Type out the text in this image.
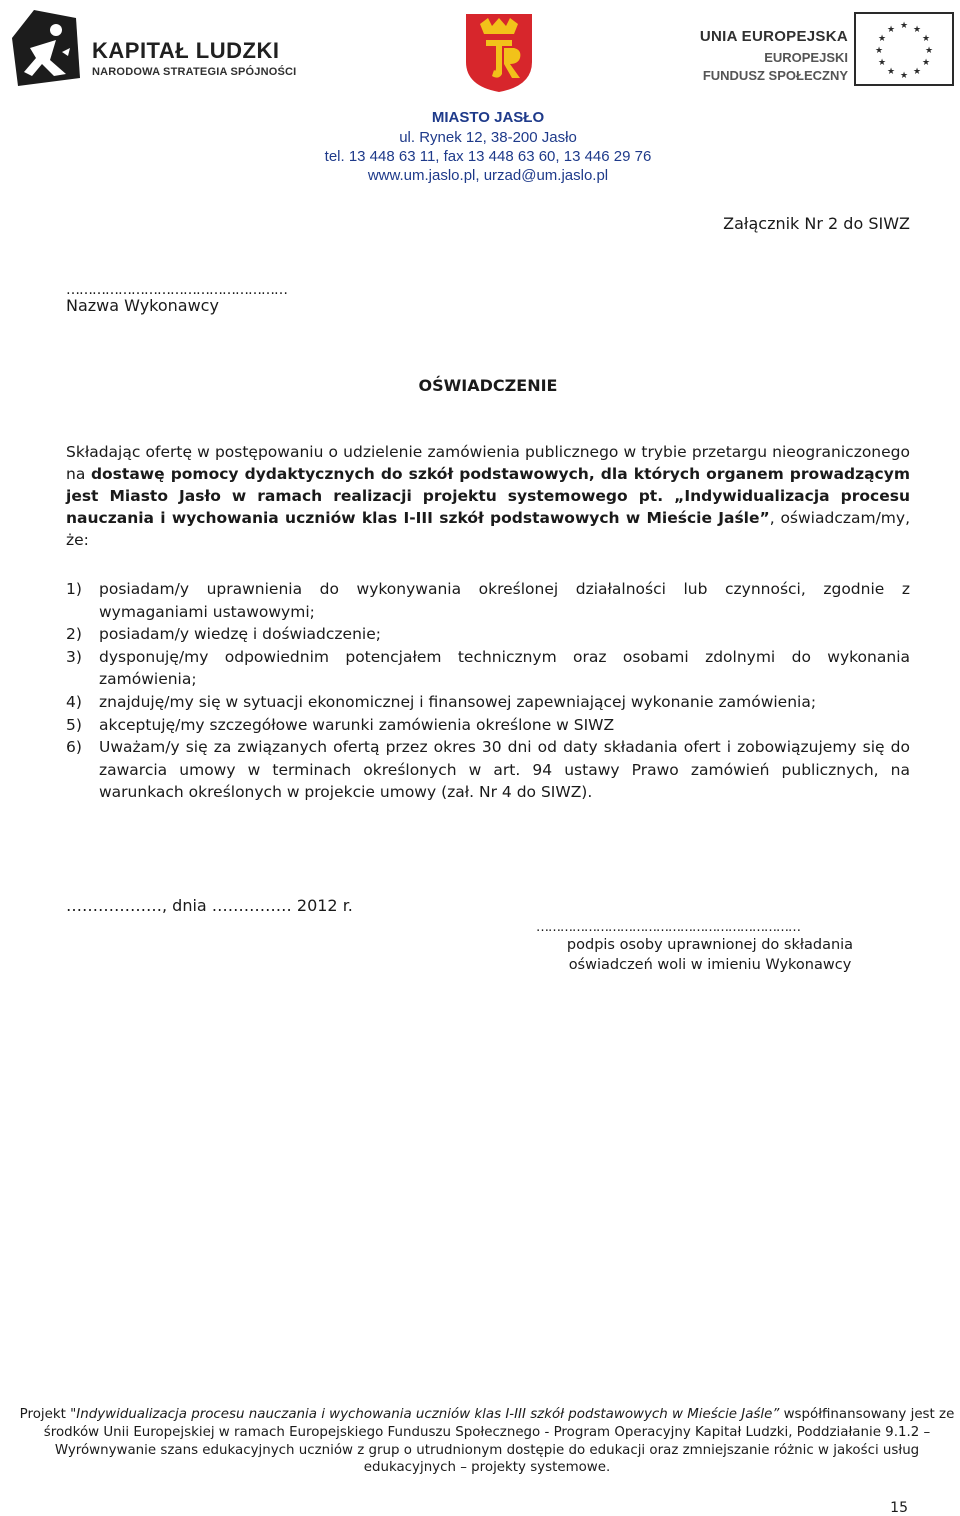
KAPITAŁ LUDZKI
NARODOWA STRATEGIA SPÓJNOŚCI
UNIA EUROPEJSKA
EUROPEJSKI
FUNDUSZ SPOŁECZNY
★ ★
★
★
★
★
★
★
★
★
★
★
MIASTO JASŁO
ul. Rynek 12, 38-200 Jasło
tel. 13 448 63 11, fax 13 448 63 60, 13 446 29 76
www.um.jaslo.pl, urzad@um.jaslo.pl
Załącznik Nr 2 do SIWZ
……………………………………………
Nazwa Wykonawcy
OŚWIADCZENIE
Składając ofertę w postępowaniu o udzielenie zamówienia publicznego w trybie przetargu nieograniczonego na dostawę pomocy dydaktycznych do szkół podstawowych, dla których organem prowadzącym jest Miasto Jasło w ramach realizacji projektu systemowego pt. „Indywidualizacja procesu nauczania i wychowania uczniów klas I-III szkół podstawowych w Mieście Jaśle”, oświadczam/my, że:
1) posiadam/y uprawnienia do wykonywania określonej działalności lub czynności, zgodnie z wymaganiami ustawowymi;
2) posiadam/y wiedzę i doświadczenie;
3) dysponuję/my odpowiednim potencjałem technicznym oraz osobami zdolnymi do wykonania zamówienia;
4) znajduję/my się w sytuacji ekonomicznej i finansowej zapewniającej wykonanie zamówienia;
5) akceptuję/my szczegółowe warunki zamówienia określone w SIWZ
6) Uważam/y się za związanych ofertą przez okres 30 dni od daty składania ofert i zobowiązujemy się do zawarcia umowy w terminach określonych w art. 94 ustawy Prawo zamówień publicznych, na warunkach określonych w projekcie umowy (zał. Nr 4 do SIWZ).
………………, dnia …………… 2012 r.
…………………………………………………………
podpis osoby uprawnionej do składania
oświadczeń woli w imieniu Wykonawcy
Projekt "Indywidualizacja procesu nauczania i wychowania uczniów klas I-III szkół podstawowych w Mieście Jaśle” współfinansowany jest ze środków Unii Europejskiej w ramach Europejskiego Funduszu Społecznego - Program Operacyjny Kapitał Ludzki, Poddziałanie 9.1.2 – Wyrównywanie szans edukacyjnych uczniów z grup o utrudnionym dostępie do edukacji oraz zmniejszanie różnic w jakości usług edukacyjnych – projekty systemowe.
15
